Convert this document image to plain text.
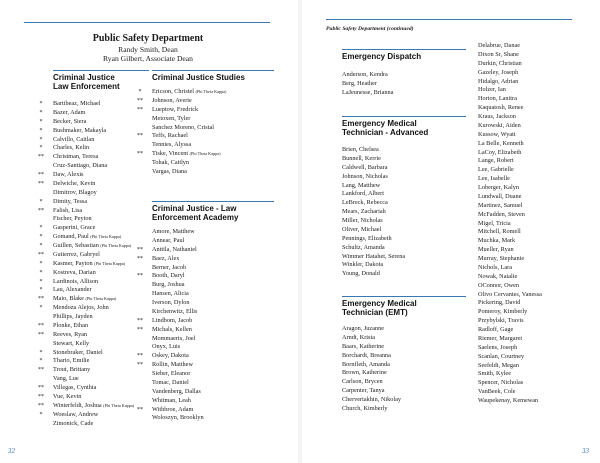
Public Safety Department
Randy Smith, Dean
Ryan Gilbert, Associate Dean
Criminal Justice
Law Enforcement
*	Bartibeaz, Michael
*	Bazer, Adam
*	Becker, Siera
*	Bushmaker, Makayla
*	Calvillo, Caitlan
*	Charles, Kelin
**	Christman, Teresa
Cruz-Santiago, Diana
**	Daw, Alexis
**	Delwiche, Kevin
Dimitrov, Blagoy
*	Dimity, Tessa
**	Falish, Lisa
Fischer, Peyton
*	Gasperini, Grace
*	Gomand, Paul (Phi Theta Kappa)
*	Guillen, Sebastian (Phi Theta Kappa)
**	Gutierrez, Gabryel
*	Kasmer, Payton (Phi Theta Kappa)
*	Kostreva, Darian
*	Lardinois, Allison
*	Lau, Alexander
**	Maio, Blake (Phi Theta Kappa)
*	Mendoza Alejos, John
Phillips, Jayden
**	Plonke, Ethan
**	Reeves, Ryan
Stewart, Kelly
*	Stonebraker, Daniel
*	Thario, Emilie
**	Trout, Brittany
Vang, Lue
**	Villegas, Cynthia
**	Vue, Kevin
**	Winterfeldt, Joshua (Phi Theta Kappa)
*	Woeslaw, Andrew
Zimonick, Cade
Criminal Justice Studies
*	Ericson, Christel (Phi Theta Kappa)
**	Johnson, Averie
**	Lueptow, Fredrick
Metoxen, Tyler
Sanchez Moreno, Cristal
**	Teffs, Rachael
Tennies, Alyssa
**	Tiske, Vincent (Phi Theta Kappa)
Tohak, Caitlyn
Vargas, Diana
Criminal Justice - Law
Enforcement Academy
Amore, Matthew
Annear, Paul
**	Anttila, Nathaniel
**	Baez, Alex
Berner, Jacob
**	Booth, Daryl
Burg, Joshua
Hansen, Alicia
Iverson, Dylon
Kirchenwitz, Ellis
**	Lindbom, Jacob
**	Michals, Kellen
Mommaerts, Joel
Onyx, Luis
**	Oskey, Dakota
**	Rollin, Matthew
Sieber, Eleanor
Tomac, Daniel
Vandenberg, Dallas
Whitman, Leah
**	Withbroe, Adam
Woloszyn, Brooklyn
32
Public Safety Department (continued)
Emergency Dispatch
Anderson, Kendra
Berg, Heather
LaJeunesse, Brianna
Emergency Medical
Technician - Advanced
Brien, Chelsea
Bunnell, Kerrie
Caldwell, Barbara
Johnson, Nicholas
Lang, Matthew
Lankford, Albert
LeBreck, Rebecca
Mears, Zachariah
Miller, Nicholas
Oliver, Michael
Pennings, Elizabeth
Schultz, Amanda
Wimmer Hatahet, Serena
Winkler, Dakota
Young, Donald
Emergency Medical
Technician (EMT)
Aragon, Juzanne
Arndt, Krista
Baars, Katherine
Borchardt, Breanna
Bornfleth, Amanda
Brown, Katherine
Carlson, Brycen
Carpenter, Tanya
Chervertakhin, Nikolay
Church, Kimberly
Delabrue, Danae
Dixon Sr, Shane
Durkin, Christian
Gazeley, Joseph
Hidalgo, Adrian
Holzer, Ian
Horton, Lanitra
Kaquatosh, Renee
Kraus, Jackson
Kurowski, Aiden
Kussow, Wyatt
La Belle, Kenneth
LaCoy, Elizabeth
Lange, Robert
Lee, Gabrielle
Lee, Isabelle
Loberger, Kalyn
Lundwall, Duane
Martinez, Samuel
McFadden, Steven
Migel, Tricia
Mitchell, Romell
Muchka, Mark
Mueller, Ryan
Murray, Stephanie
Nichols, Lara
Nowak, Natalie
OConnor, Owen
Olivo Cervantes, Vanessa
Pickering, David
Pomeroy, Kimberly
Przybylski, Travis
Radloff, Gage
Riemer, Margaret
Saelens, Joseph
Scanlan, Courtney
Seefeldt, Megan
Smith, Kylee
Spencer, Nicholas
VanBeek, Cole
Waupekenay, Kemewan
33
